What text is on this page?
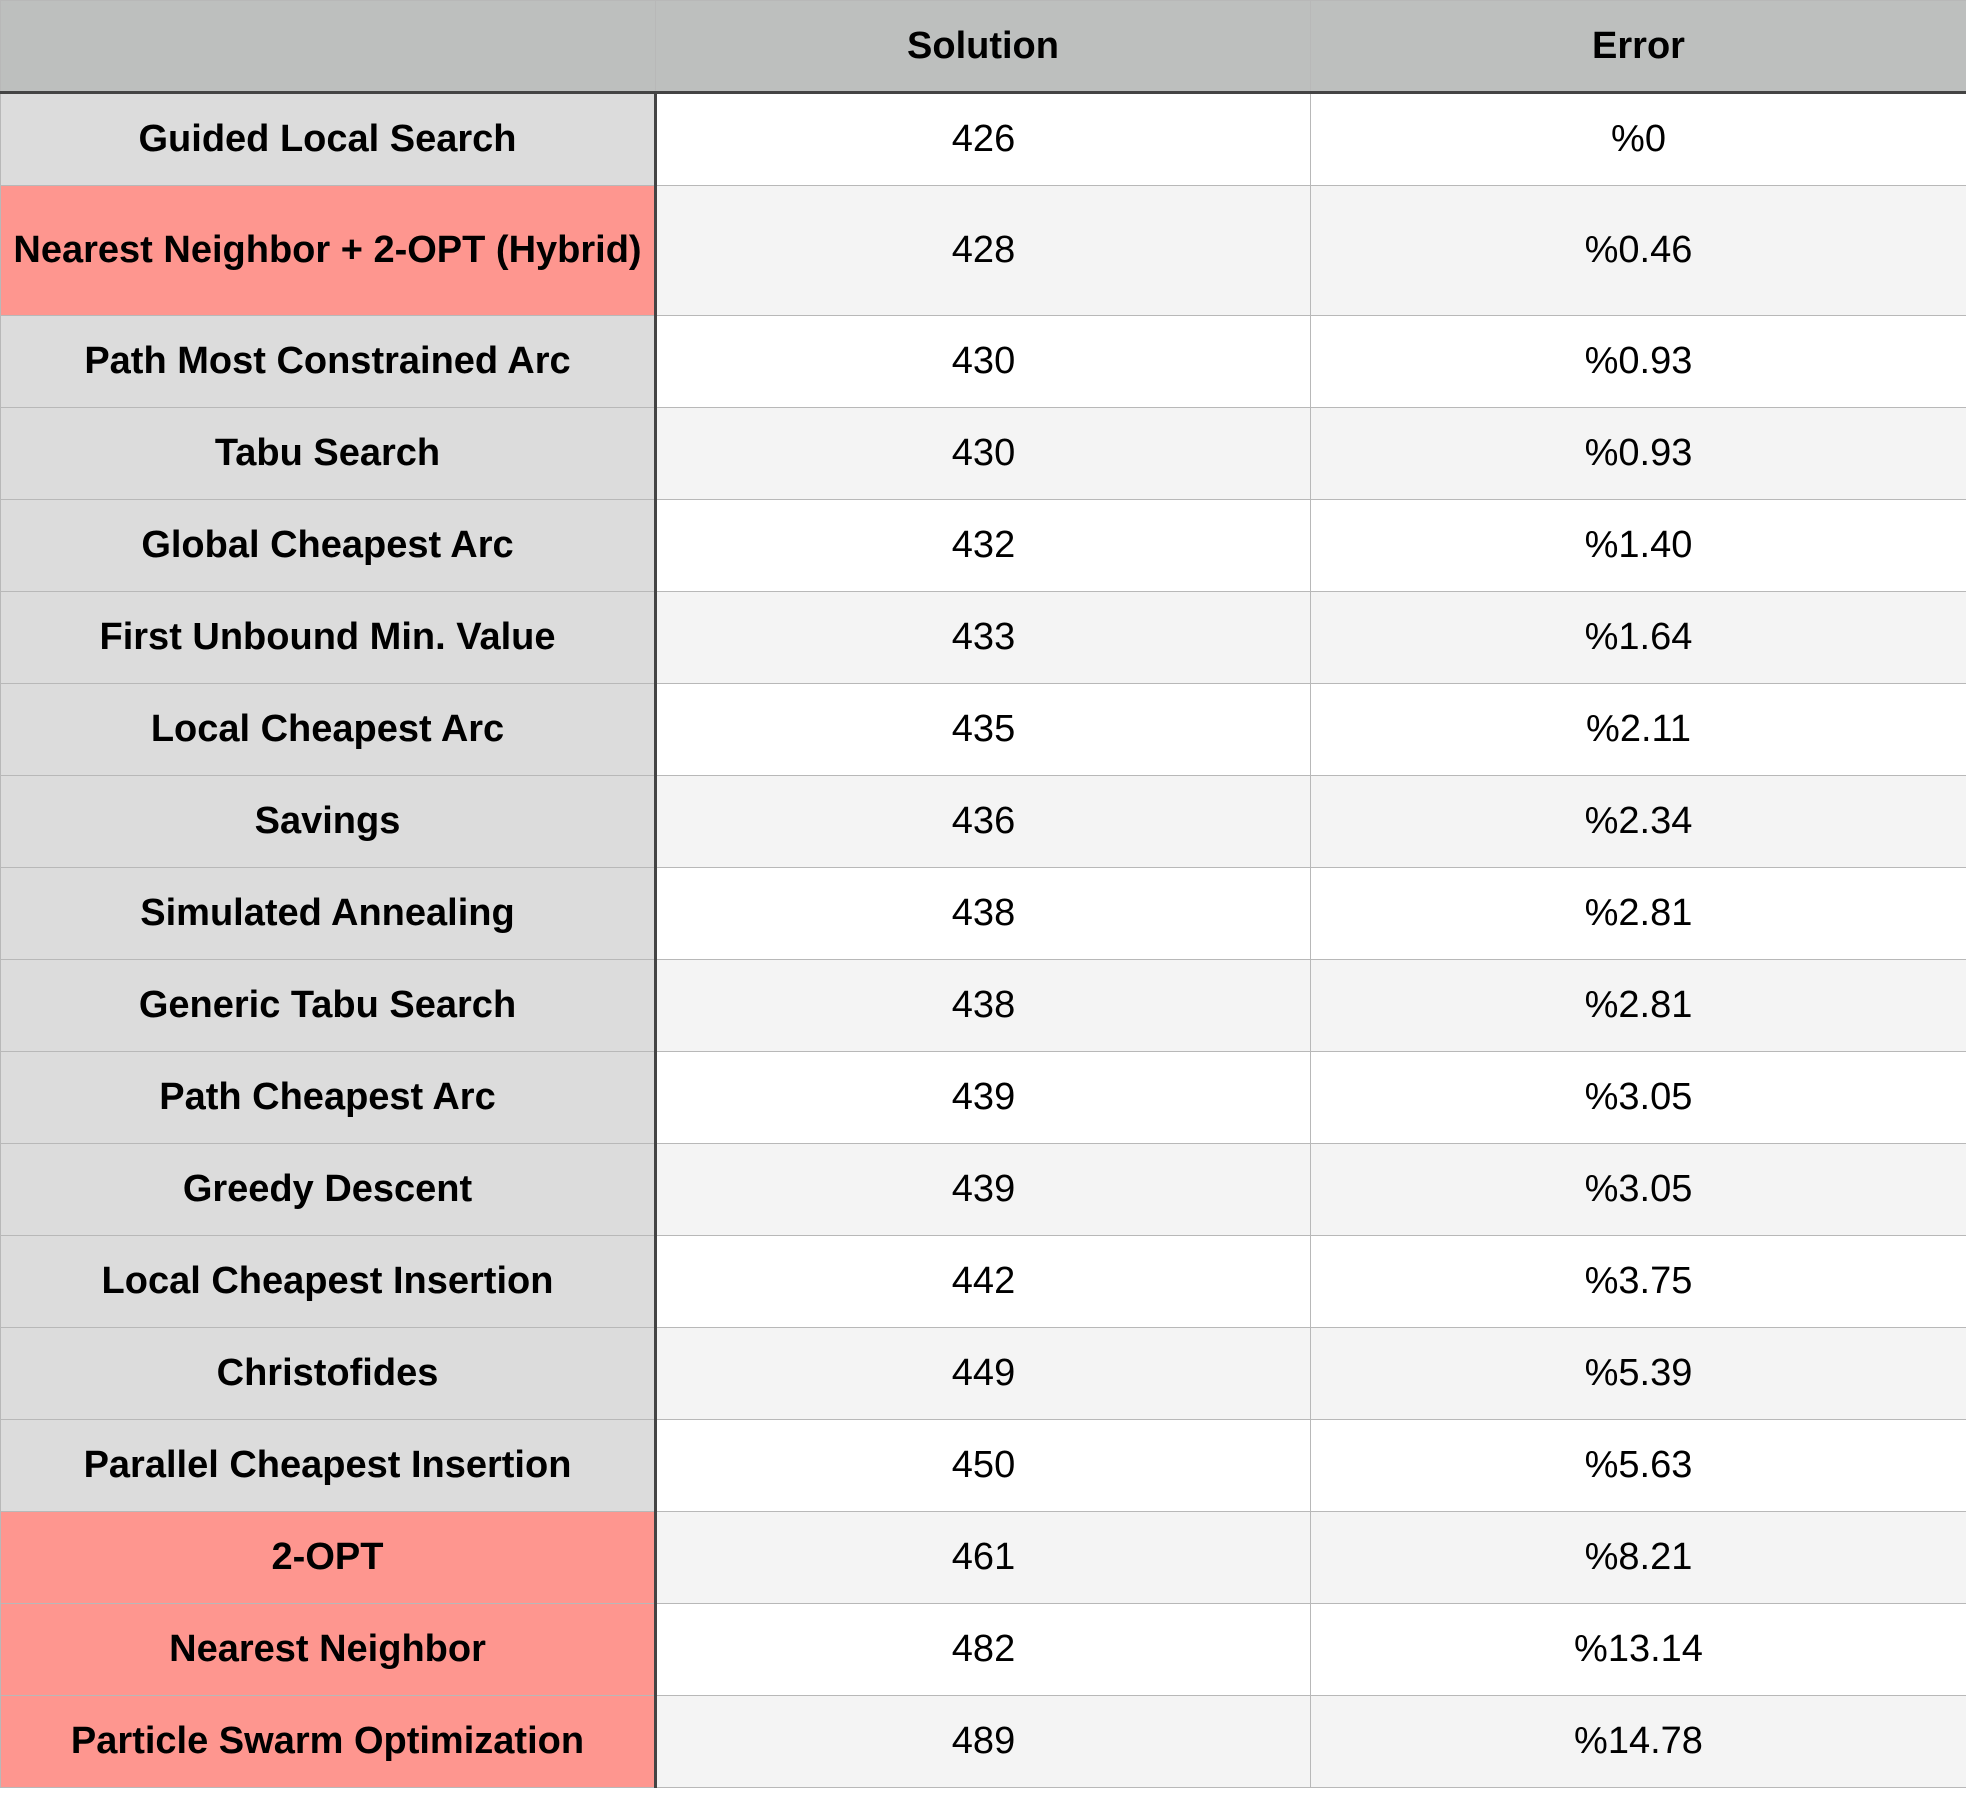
	Solution	Error
Guided Local Search	426	%0
Nearest Neighbor + 2-OPT (Hybrid)	428	%0.46
Path Most Constrained Arc	430	%0.93
Tabu Search	430	%0.93
Global Cheapest Arc	432	%1.40
First Unbound Min. Value	433	%1.64
Local Cheapest Arc	435	%2.11
Savings	436	%2.34
Simulated Annealing	438	%2.81
Generic Tabu Search	438	%2.81
Path Cheapest Arc	439	%3.05
Greedy Descent	439	%3.05
Local Cheapest Insertion	442	%3.75
Christofides	449	%5.39
Parallel Cheapest Insertion	450	%5.63
2-OPT	461	%8.21
Nearest Neighbor	482	%13.14
Particle Swarm Optimization	489	%14.78
